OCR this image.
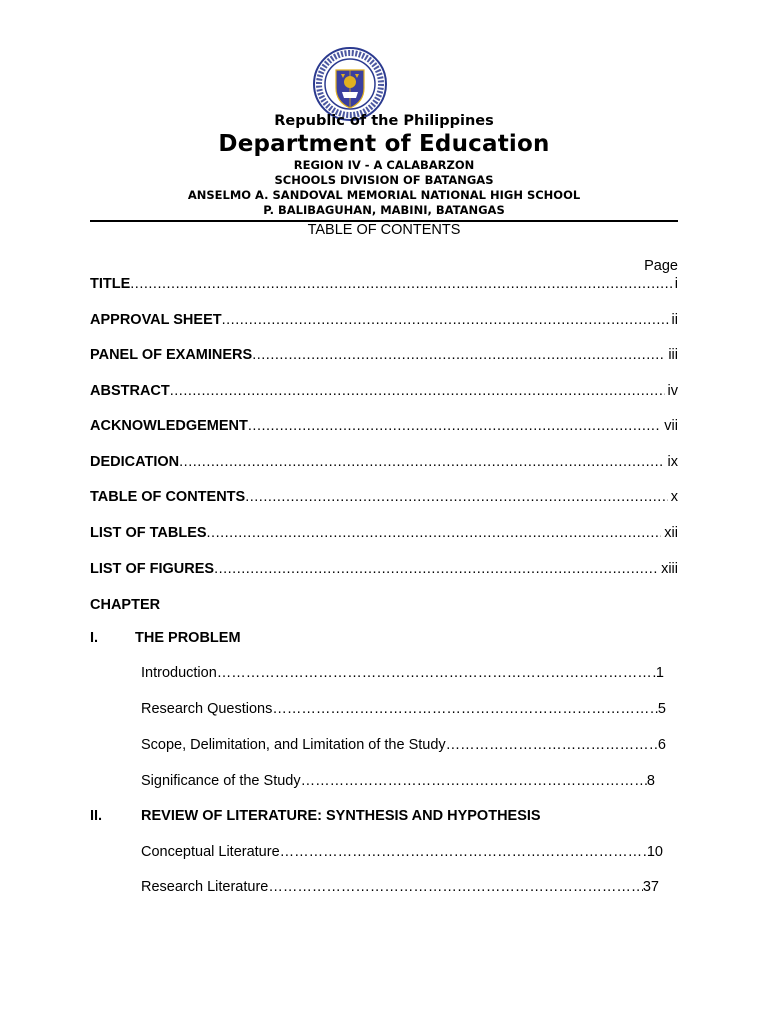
Republic of the Philippines
Department of Education
REGION IV - A CALABARZON
SCHOOLS DIVISION OF BATANGAS
ANSELMO A. SANDOVAL MEMORIAL NATIONAL HIGH SCHOOL
P. BALIBAGUHAN, MABINI, BATANGAS
TABLE OF CONTENTS
Page
TITLE .....	i
APPROVAL SHEET .....	ii
PANEL OF EXAMINERS .....	iii
ABSTRACT .....	iv
ACKNOWLEDGEMENT .....	vii
DEDICATION .....	ix
TABLE OF CONTENTS .....	x
LIST OF TABLES .....	xii
LIST OF FIGURES .....	xiii
CHAPTER
I.	THE PROBLEM
Introduction ………………………………………………………………………………………………………………………………………………………	1
Research Questions ………………………………………………………………………………………………………………………………………………………	5
Scope, Delimitation, and Limitation of the Study ………………………………………………………………………………………………………………………………………………………	6
Significance of the Study ………………………………………………………………………………………………………………………………………………………	8
II.	REVIEW OF LITERATURE: SYNTHESIS AND HYPOTHESIS
Conceptual Literature ………………………………………………………………………………………………………………………………………………………	10
Research Literature ………………………………………………………………………………………………………………………………………………………	37
